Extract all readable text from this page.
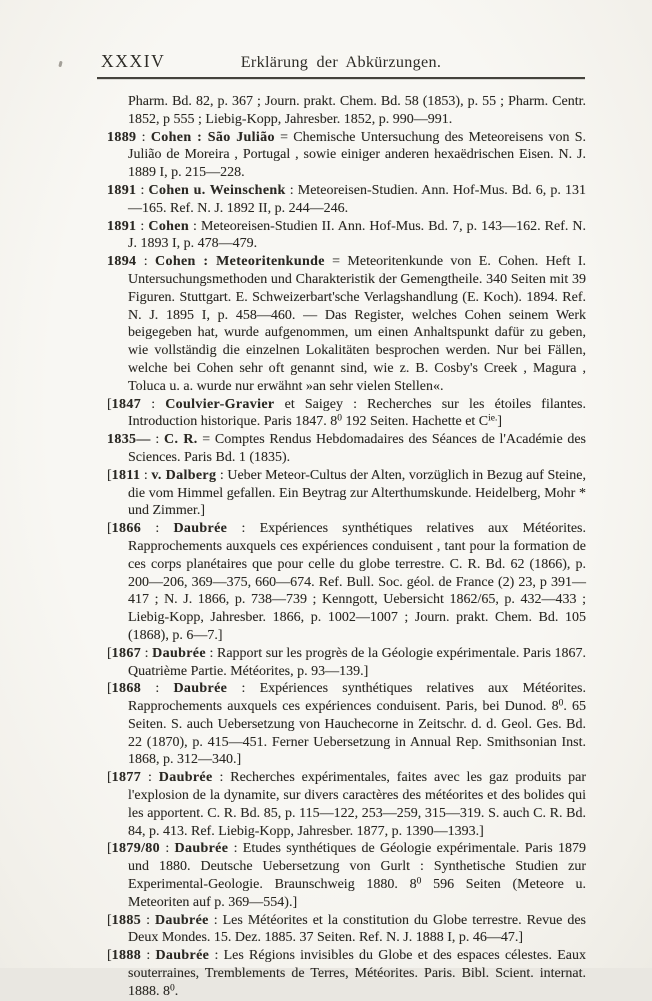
XXXIV	Erklärung der Abkürzungen.

Pharm. Bd. 82, p. 367 ; Journ. prakt. Chem. Bd. 58 (1853), p. 55 ; Pharm. Centr. 1852, p 555 ; Liebig-Kopp, Jahresber. 1852, p. 990—991.

1889 : Cohen : São Julião = Chemische Untersuchung des Meteoreisens von S. Julião de Moreira , Portugal , sowie einiger anderen hexaëdrischen Eisen. N. J. 1889 I, p. 215—228.

1891 : Cohen u. Weinschenk : Meteoreisen-Studien. Ann. Hof-Mus. Bd. 6, p. 131—165. Ref. N. J. 1892 II, p. 244—246.

1891 : Cohen : Meteoreisen-Studien II. Ann. Hof-Mus. Bd. 7, p. 143—162. Ref. N. J. 1893 I, p. 478—479.

1894 : Cohen : Meteoritenkunde = Meteoritenkunde von E. Cohen. Heft I. Untersuchungsmethoden und Charakteristik der Gemengtheile. 340 Seiten mit 39 Figuren. Stuttgart. E. Schweizerbart'sche Verlagshandlung (E. Koch). 1894. Ref. N. J. 1895 I, p. 458—460. — Das Register, welches Cohen seinem Werk beigegeben hat, wurde aufgenommen, um einen Anhaltspunkt dafür zu geben, wie vollständig die einzelnen Lokalitäten besprochen werden. Nur bei Fällen, welche bei Cohen sehr oft genannt sind, wie z. B. Cosby's Creek , Magura , Toluca u. a. wurde nur erwähnt »an sehr vielen Stellen«.

[1847 : Coulvier-Gravier et Saigey : Recherches sur les étoiles filantes. Introduction historique. Paris 1847. $8^0$ 192 Seiten. Hachette et $C^{ie.}$]

1835— : C. R. = Comptes Rendus Hebdomadaires des Séances de l'Académie des Sciences. Paris Bd. 1 (1835).

[1811 : v. Dalberg : Ueber Meteor-Cultus der Alten, vorzüglich in Bezug auf Steine, die vom Himmel gefallen. Ein Beytrag zur Alterthumskunde. Heidelberg, Mohr * und Zimmer.]

[1866 : Daubrée : Expériences synthétiques relatives aux Météorites. Rapprochements auxquels ces expériences conduisent , tant pour la formation de ces corps planétaires que pour celle du globe terrestre. C. R. Bd. 62 (1866), p. 200—206, 369—375, 660—674. Ref. Bull. Soc. géol. de France (2) 23, p 391—417 ; N. J. 1866, p. 738—739 ; Kenngott, Uebersicht 1862/65, p. 432—433 ; Liebig-Kopp, Jahresber. 1866, p. 1002—1007 ; Journ. prakt. Chem. Bd. 105 (1868), p. 6—7.]

[1867 : Daubrée : Rapport sur les progrès de la Géologie expérimentale. Paris 1867. Quatrième Partie. Météorites, p. 93—139.]

[1868 : Daubrée : Expériences synthétiques relatives aux Météorites. Rapprochements auxquels ces expériences conduisent. Paris, bei Dunod. $8^0$. 65 Seiten. S. auch Uebersetzung von Hauchecorne in Zeitschr. d. d. Geol. Ges. Bd. 22 (1870), p. 415—451. Ferner Uebersetzung in Annual Rep. Smithsonian Inst. 1868, p. 312—340.]

[1877 : Daubrée : Recherches expérimentales, faites avec les gaz produits par l'explosion de la dynamite, sur divers caractères des météorites et des bolides qui les apportent. C. R. Bd. 85, p. 115—122, 253—259, 315—319. S. auch C. R. Bd. 84, p. 413. Ref. Liebig-Kopp, Jahresber. 1877, p. 1390—1393.]

[1879/80 : Daubrée : Etudes synthétiques de Géologie expérimentale. Paris 1879 und 1880. Deutsche Uebersetzung von Gurlt : Synthetische Studien zur Experimental-Geologie. Braunschweig 1880. $8^0$ 596 Seiten (Meteore u. Meteoriten auf p. 369—554).]

[1885 : Daubrée : Les Météorites et la constitution du Globe terrestre. Revue des Deux Mondes. 15. Dez. 1885. 37 Seiten. Ref. N. J. 1888 I, p. 46—47.]

[1888 : Daubrée : Les Régions invisibles du Globe et des espaces célestes. Eaux souterraines, Tremblements de Terres, Météorites. Paris. Bibl. Scient. internat. 1888. $8^0$.
